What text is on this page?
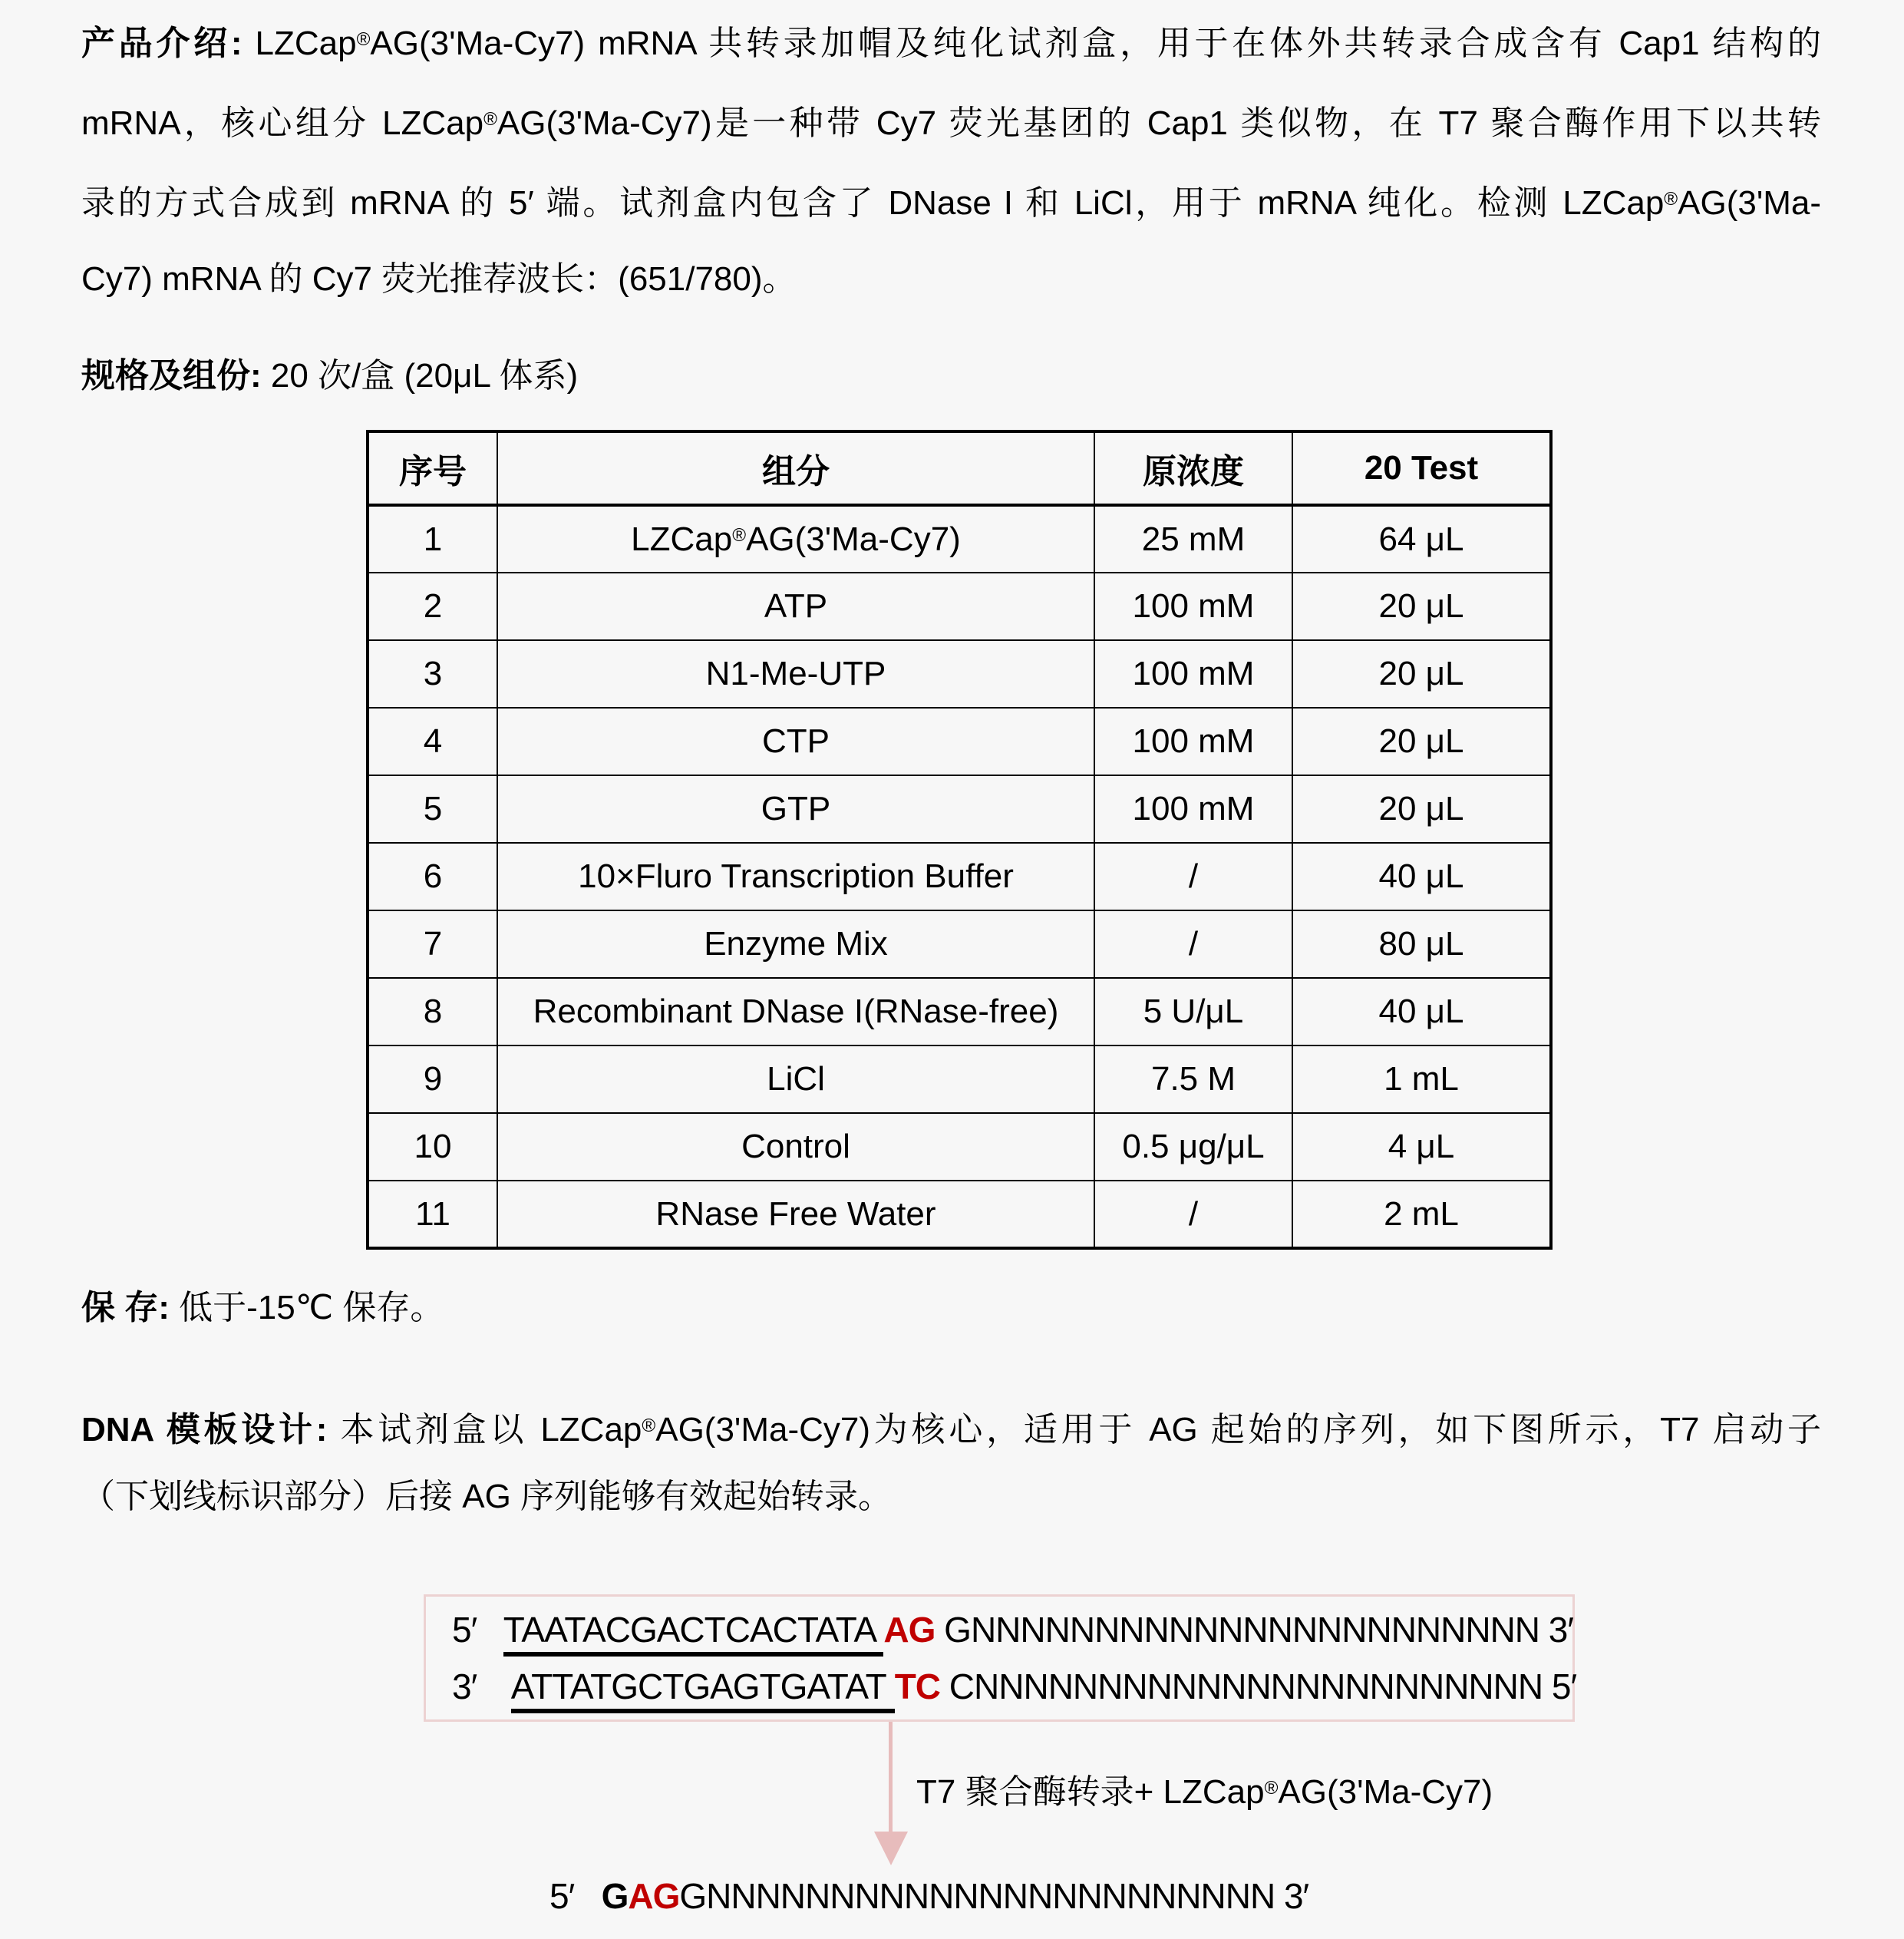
产品介绍: LZCap®AG(3'Ma-Cy7) mRNA 共转录加帽及纯化试剂盒，用于在体外共转录合成含有 Cap1 结构的
mRNA，核心组分 LZCap®AG(3'Ma-Cy7)是一种带 Cy7 荧光基团的 Cap1 类似物，在 T7 聚合酶作用下以共转
录的方式合成到 mRNA 的 5′ 端。试剂盒内包含了 DNase I 和 LiCl，用于 mRNA 纯化。检测 LZCap®AG(3'Ma-
Cy7) mRNA 的 Cy7 荧光推荐波长：(651/780)。
规格及组份: 20 次/盒 (20μL 体系)
序号	组分	原浓度	20 Test
1	LZCap®AG(3'Ma-Cy7)	25 mM	64 μL
2	ATP	100 mM	20 μL
3	N1-Me-UTP	100 mM	20 μL
4	CTP	100 mM	20 μL
5	GTP	100 mM	20 μL
6	10×Fluro Transcription Buffer	/	40 μL
7	Enzyme Mix	/	80 μL
8	Recombinant DNase I(RNase-free)	5 U/μL	40 μL
9	LiCl	7.5 M	1 mL
10	Control	0.5 μg/μL	4 μL
11	RNase Free Water	/	2 mL
保 存: 低于-15℃ 保存。
DNA 模板设计: 本试剂盒以 LZCap®AG(3'Ma-Cy7)为核心，适用于 AG 起始的序列，如下图所示，T7 启动子
（下划线标识部分）后接 AG 序列能够有效起始转录。
5′   TAATACGACTCACTATA AG GNNNNNNNNNNNNNNNNNNNNNNN 3′
3′    ATTATGCTGAGTGATAT TC CNNNNNNNNNNNNNNNNNNNNNNN 5′
T7 聚合酶转录+ LZCap®AG(3'Ma-Cy7)
5′   GAGGNNNNNNNNNNNNNNNNNNNNNNN 3′
